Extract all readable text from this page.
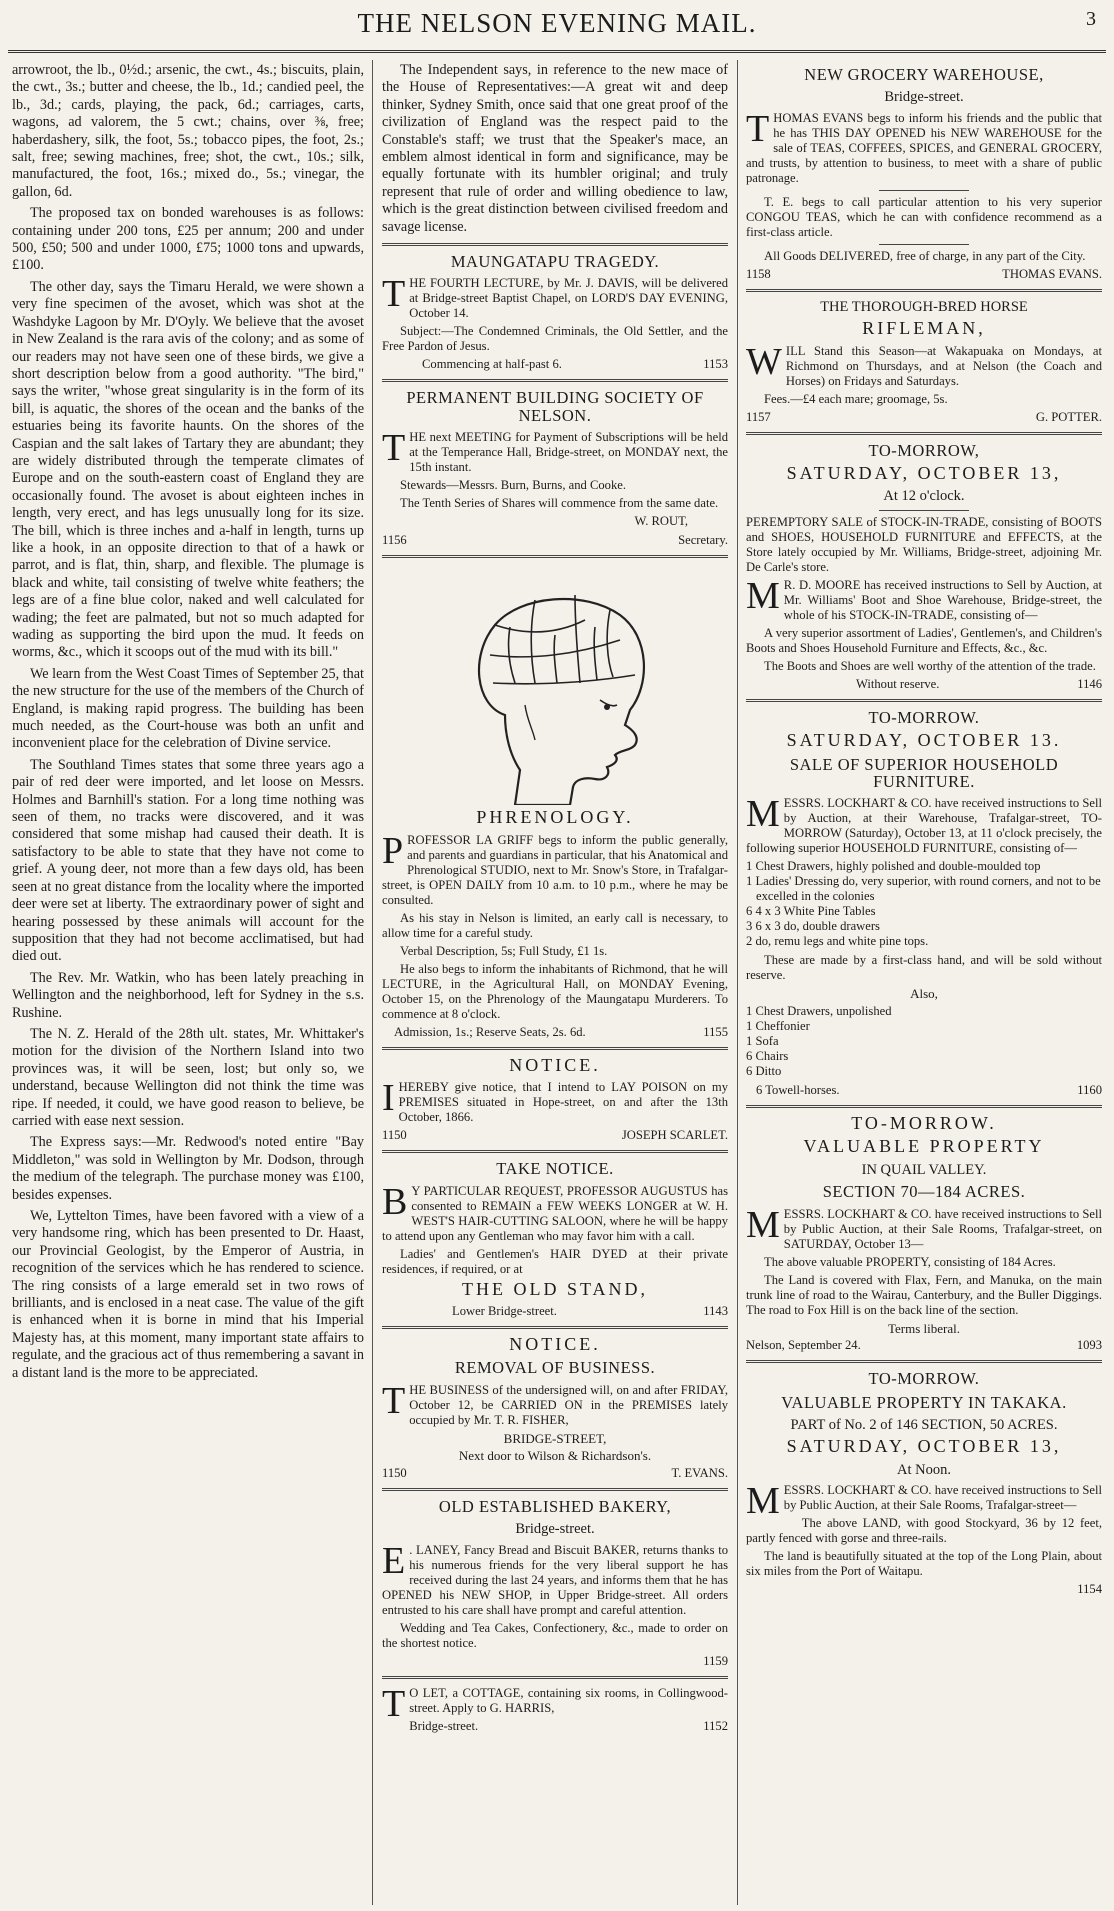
THE NELSON EVENING MAIL.	3

arrowroot, the lb., 0½d.; arsenic, the cwt., 4s.; biscuits, plain, the cwt., 3s.; butter and cheese, the lb., 1d.; candied peel, the lb., 3d.; cards, playing, the pack, 6d.; carriages, carts, wagons, ad valorem, the 5 cwt.; chains, over ⅜, free; haberdashery, silk, the foot, 5s.; tobacco pipes, the foot, 2s.; salt, free; sewing machines, free; shot, the cwt., 10s.; silk, manufactured, the foot, 16s.; mixed do., 5s.; vinegar, the gallon, 6d.

The proposed tax on bonded warehouses is as follows: containing under 200 tons, £25 per annum; 200 and under 500, £50; 500 and under 1000, £75; 1000 tons and upwards, £100.

The other day, says the Timaru Herald, we were shown a very fine specimen of the avoset, which was shot at the Washdyke Lagoon by Mr. D'Oyly. We believe that the avoset in New Zealand is the rara avis of the colony; and as some of our readers may not have seen one of these birds, we give a short description below from a good authority. "The bird," says the writer, "whose great singularity is in the form of its bill, is aquatic, the shores of the ocean and the banks of the estuaries being its favorite haunts. On the shores of the Caspian and the salt lakes of Tartary they are abundant; they are widely distributed through the temperate climates of Europe and on the south-eastern coast of England they are occasionally found. The avoset is about eighteen inches in length, very erect, and has legs unusually long for its size. The bill, which is three inches and a-half in length, turns up like a hook, in an opposite direction to that of a hawk or parrot, and is flat, thin, sharp, and flexible. The plumage is black and white, tail consisting of twelve white feathers; the legs are of a fine blue color, naked and well calculated for wading; the feet are palmated, but not so much adapted for wading as supporting the bird upon the mud. It feeds on worms, &c., which it scoops out of the mud with its bill."

We learn from the West Coast Times of September 25, that the new structure for the use of the members of the Church of England, is making rapid progress. The building has been much needed, as the Court-house was both an unfit and inconvenient place for the celebration of Divine service.

The Southland Times states that some three years ago a pair of red deer were imported, and let loose on Messrs. Holmes and Barnhill's station. For a long time nothing was seen of them, no tracks were discovered, and it was considered that some mishap had caused their death. It is satisfactory to be able to state that they have not come to grief. A young deer, not more than a few days old, has been seen at no great distance from the locality where the imported deer were set at liberty. The extraordinary power of sight and hearing possessed by these animals will account for the supposition that they had not become acclimatised, but had died out.

The Rev. Mr. Watkin, who has been lately preaching in Wellington and the neighborhood, left for Sydney in the s.s. Rushine.

The N. Z. Herald of the 28th ult. states, Mr. Whittaker's motion for the division of the Northern Island into two provinces was, it will be seen, lost; but only so, we understand, because Wellington did not think the time was ripe. If needed, it could, we have good reason to believe, be carried with ease next session.

The Express says:—Mr. Redwood's noted entire "Bay Middleton," was sold in Wellington by Mr. Dodson, through the medium of the telegraph. The purchase money was £100, besides expenses.

We, Lyttelton Times, have been favored with a view of a very handsome ring, which has been presented to Dr. Haast, our Provincial Geologist, by the Emperor of Austria, in recognition of the services which he has rendered to science. The ring consists of a large emerald set in two rows of brilliants, and is enclosed in a neat case. The value of the gift is enhanced when it is borne in mind that his Imperial Majesty has, at this moment, many important state affairs to regulate, and the gracious act of thus remembering a savant in a distant land is the more to be appreciated.

The Independent says, in reference to the new mace of the House of Representatives:—A great wit and deep thinker, Sydney Smith, once said that one great proof of the civilization of England was the respect paid to the Constable's staff; we trust that the Speaker's mace, an emblem almost identical in form and significance, may be equally fortunate with its humbler original; and truly represent that rule of order and willing obedience to law, which is the great distinction between civilised freedom and savage license.

MAUNGATAPU TRAGEDY.

THE FOURTH LECTURE, by Mr. J. DAVIS, will be delivered at Bridge-street Baptist Chapel, on LORD'S DAY EVENING, October 14.

Subject:—The Condemned Criminals, the Old Settler, and the Free Pardon of Jesus.

Commencing at half-past 6.	1153
PERMANENT BUILDING SOCIETY OF NELSON.

THE next MEETING for Payment of Subscriptions will be held at the Temperance Hall, Bridge-street, on MONDAY next, the 15th instant.

Stewards—Messrs. Burn, Burns, and Cooke.

The Tenth Series of Shares will commence from the same date.

W. ROUT,
1156	Secretary.
PHRENOLOGY.

PROFESSOR LA GRIFF begs to inform the public generally, and parents and guardians in particular, that his Anatomical and Phrenological STUDIO, next to Mr. Snow's Store, in Trafalgar-street, is OPEN DAILY from 10 a.m. to 10 p.m., where he may be consulted.

As his stay in Nelson is limited, an early call is necessary, to allow time for a careful study.

Verbal Description, 5s; Full Study, £1 1s.

He also begs to inform the inhabitants of Richmond, that he will LECTURE, in the Agricultural Hall, on MONDAY Evening, October 15, on the Phrenology of the Maungatapu Murderers. To commence at 8 o'clock.

Admission, 1s.; Reserve Seats, 2s. 6d.	1155
NOTICE.

IHEREBY give notice, that I intend to LAY POISON on my PREMISES situated in Hope-street, on and after the 13th October, 1866.

1150	JOSEPH SCARLET.
TAKE NOTICE.

B Y PARTICULAR REQUEST, PROFESSOR AUGUSTUS has consented to REMAIN a FEW WEEKS LONGER at W. H. WEST'S HAIR-CUTTING SALOON, where he will be happy to attend upon any Gentleman who may favor him with a call.

Ladies' and Gentlemen's HAIR DYED at their private residences, if required, or at

THE OLD STAND,
Lower Bridge-street.	1143
NOTICE.
REMOVAL OF BUSINESS.

THE BUSINESS of the undersigned will, on and after FRIDAY, October 12, be CARRIED ON in the PREMISES lately occupied by Mr. T. R. FISHER,

BRIDGE-STREET,

Next door to Wilson & Richardson's.

1150	T. EVANS.
OLD ESTABLISHED BAKERY,
Bridge-street.

E . LANEY, Fancy Bread and Biscuit BAKER, returns thanks to his numerous friends for the very liberal support he has received during the last 24 years, and informs them that he has OPENED his NEW SHOP, in Upper Bridge-street. All orders entrusted to his care shall have prompt and careful attention.

Wedding and Tea Cakes, Confectionery, &c., made to order on the shortest notice.

1159

T O LET, a COTTAGE, containing six rooms, in Collingwood-street. Apply to G. HARRIS,

Bridge-street.	1152
NEW GROCERY WAREHOUSE,
Bridge-street.

THOMAS EVANS begs to inform his friends and the public that he has THIS DAY OPENED his NEW WAREHOUSE for the sale of TEAS, COFFEES, SPICES, and GENERAL GROCERY, and trusts, by attention to business, to meet with a share of public patronage.

T. E. begs to call particular attention to his very superior CONGOU TEAS, which he can with confidence recommend as a first-class article.

All Goods DELIVERED, free of charge, in any part of the City.

1158	THOMAS EVANS.
THE THOROUGH-BRED HORSE
RIFLEMAN,

WILL Stand this Season—at Wakapuaka on Mondays, at Richmond on Thursdays, and at Nelson (the Coach and Horses) on Fridays and Saturdays.

Fees.—£4 each mare; groomage, 5s.

1157	G. POTTER.
TO-MORROW,
SATURDAY, OCTOBER 13,
At 12 o'clock.

PEREMPTORY SALE of STOCK-IN-TRADE, consisting of BOOTS and SHOES, HOUSEHOLD FURNITURE and EFFECTS, at the Store lately occupied by Mr. Williams, Bridge-street, adjoining Mr. De Carle's store.

M R. D. MOORE has received instructions to Sell by Auction, at Mr. Williams' Boot and Shoe Warehouse, Bridge-street, the whole of his STOCK-IN-TRADE, consisting of—

A very superior assortment of Ladies', Gentlemen's, and Children's Boots and Shoes Household Furniture and Effects, &c., &c.

The Boots and Shoes are well worthy of the attention of the trade.

Without reserve.	1146
TO-MORROW.
SATURDAY, OCTOBER 13.
SALE OF SUPERIOR HOUSEHOLD FURNITURE.

MESSRS. LOCKHART & CO. have received instructions to Sell by Auction, at their Warehouse, Trafalgar-street, TO-MORROW (Saturday), October 13, at 11 o'clock precisely, the following superior HOUSEHOLD FURNITURE, consisting of—

1 Chest Drawers, highly polished and double-moulded top
1 Ladies' Dressing do, very superior, with round corners, and not to be excelled in the colonies
6 4 x 3 White Pine Tables
3 6 x 3 do, double drawers
2 do, remu legs and white pine tops.

These are made by a first-class hand, and will be sold without reserve.

Also,

1 Chest Drawers, unpolished
1 Cheffonier
1 Sofa
6 Chairs
6 Ditto
6 Towell-horses.	1160
TO-MORROW.
VALUABLE PROPERTY
IN QUAIL VALLEY.
SECTION 70—184 ACRES.

MESSRS. LOCKHART & CO. have received instructions to Sell by Public Auction, at their Sale Rooms, Trafalgar-street, on SATURDAY, October 13—

The above valuable PROPERTY, consisting of 184 Acres.

The Land is covered with Flax, Fern, and Manuka, on the main trunk line of road to the Wairau, Canterbury, and the Buller Diggings. The road to Fox Hill is on the back line of the section.

Terms liberal.

Nelson, September 24.	1093
TO-MORROW.
VALUABLE PROPERTY IN TAKAKA.
PART of No. 2 of 146 SECTION, 50 ACRES.
SATURDAY, OCTOBER 13,
At Noon.

MESSRS. LOCKHART & CO. have received instructions to Sell by Public Auction, at their Sale Rooms, Trafalgar-street—

The above LAND, with good Stockyard, 36 by 12 feet, partly fenced with gorse and three-rails.

The land is beautifully situated at the top of the Long Plain, about six miles from the Port of Waitapu.

1154
